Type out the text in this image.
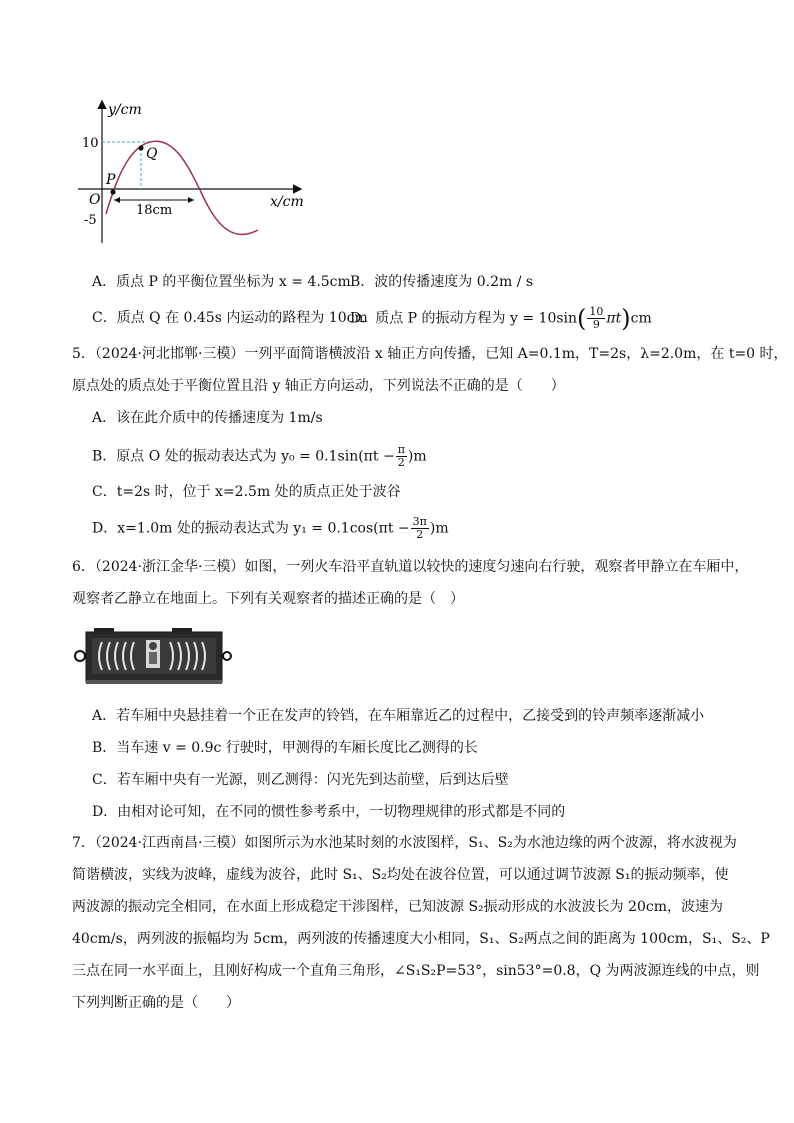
y/cm
x/cm
10
-5
O
P
Q
18cm
A．质点 P 的平衡位置坐标为 x = 4.5cm B．波的传播速度为 0.2m / s
C．质点 Q 在 0.45s 内运动的路程为 10cm
D．质点 P 的振动方程为 $y = 10\sin( \frac{10}{9} \pi t)cm$
5．（2024·河北邯郸·三模）一列平面简谐横波沿 x 轴正方向传播，已知 A=0.1m，T=2s，λ=2.0m，在 t=0 时，
原点处的质点处于平衡位置且沿 y 轴正方向运动，下列说法不正确的是（　　）
A．该在此介质中的传播速度为 1m/s
B．原点 O 处的振动表达式为 $y_0 = 0.1\sin(\pi t - \frac{\pi}{2} )m$
C．t=2s 时，位于 x=2.5m 处的质点正处于波谷
D．x=1.0m 处的振动表达式为 $y_1 = 0.1\cos(\pi t - \frac{3\pi}{2} )m$
6．（2024·浙江金华·三模）如图，一列火车沿平直轨道以较快的速度匀速向右行驶，观察者甲静立在车厢中，
观察者乙静立在地面上。下列有关观察者的描述正确的是（　）
A．若车厢中央悬挂着一个正在发声的铃铛，在车厢靠近乙的过程中，乙接受到的铃声频率逐渐减小
B．当车速 v = 0.9c 行驶时，甲测得的车厢长度比乙测得的长
C．若车厢中央有一光源，则乙测得：闪光先到达前壁，后到达后壁
D．由相对论可知，在不同的惯性参考系中，一切物理规律的形式都是不同的
7．（2024·江西南昌·三模）如图所示为水池某时刻的水波图样，S₁、S₂为水池边缘的两个波源，将水波视为
简谐横波，实线为波峰，虚线为波谷，此时 S₁、S₂均处在波谷位置，可以通过调节波源 S₁的振动频率，使
两波源的振动完全相同，在水面上形成稳定干涉图样，已知波源 S₂振动形成的水波波长为 20cm，波速为
40cm/s，两列波的振幅均为 5cm，两列波的传播速度大小相同，S₁、S₂两点之间的距离为 100cm，S₁、S₂、P
三点在同一水平面上，且刚好构成一个直角三角形，∠S₁S₂P=53°，sin53°=0.8，Q 为两波源连线的中点，则
下列判断正确的是（　　）
